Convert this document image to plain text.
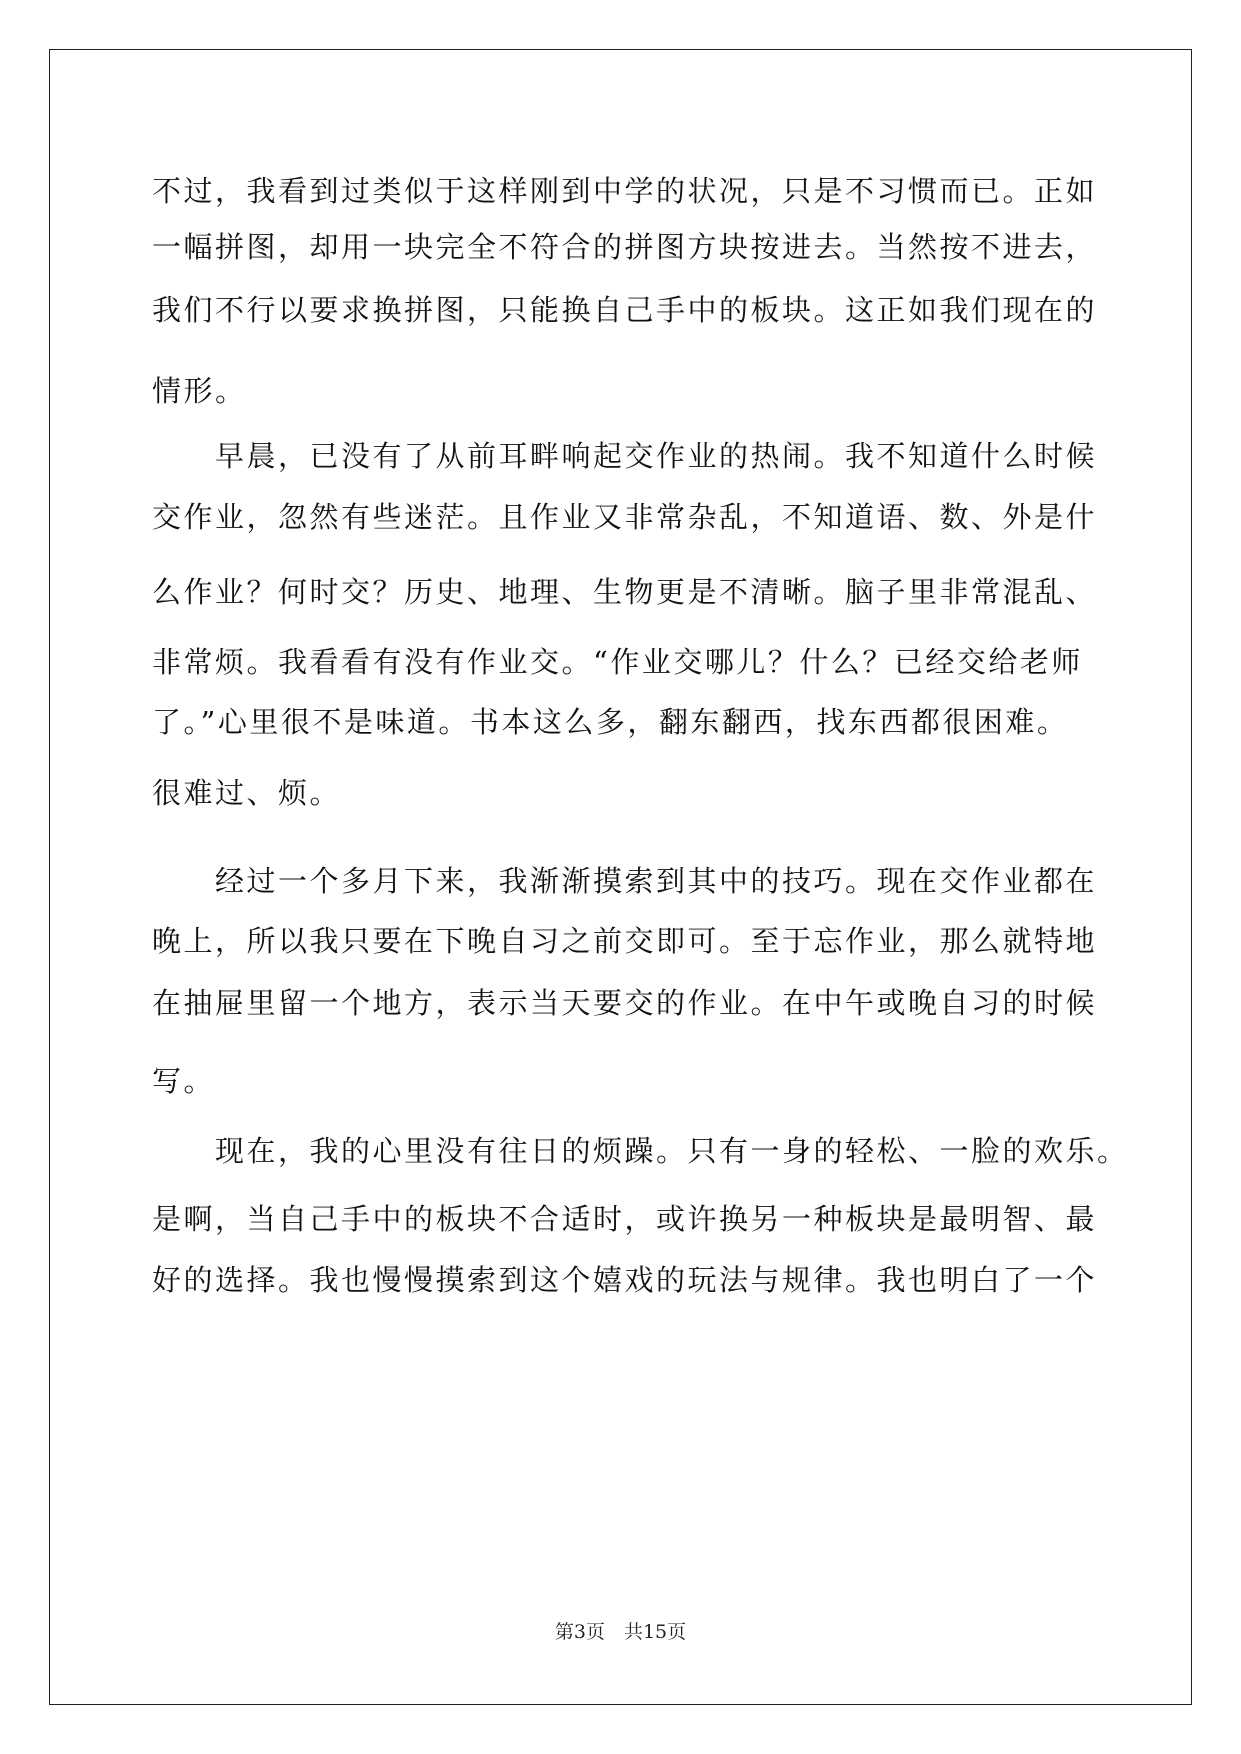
不过，我看到过类似于这样刚到中学的状况，只是不习惯而已。正如

一幅拼图，却用一块完全不符合的拼图方块按进去。当然按不进去，

我们不行以要求换拼图，只能换自己手中的板块。这正如我们现在的

情形。

　　早晨，已没有了从前耳畔响起交作业的热闹。我不知道什么时候

交作业，忽然有些迷茫。且作业又非常杂乱，不知道语、数、外是什

么作业？何时交？历史、地理、生物更是不清晰。脑子里非常混乱、

非常烦。我看看有没有作业交。“作业交哪儿？什么？已经交给老师

了。”心里很不是味道。书本这么多，翻东翻西，找东西都很困难。

很难过、烦。

　　经过一个多月下来，我渐渐摸索到其中的技巧。现在交作业都在

晚上，所以我只要在下晚自习之前交即可。至于忘作业，那么就特地

在抽屉里留一个地方，表示当天要交的作业。在中午或晚自习的时候

写。

　　现在，我的心里没有往日的烦躁。只有一身的轻松、一脸的欢乐。

是啊，当自己手中的板块不合适时，或许换另一种板块是最明智、最

好的选择。我也慢慢摸索到这个嬉戏的玩法与规律。我也明白了一个

第3页　共15页
